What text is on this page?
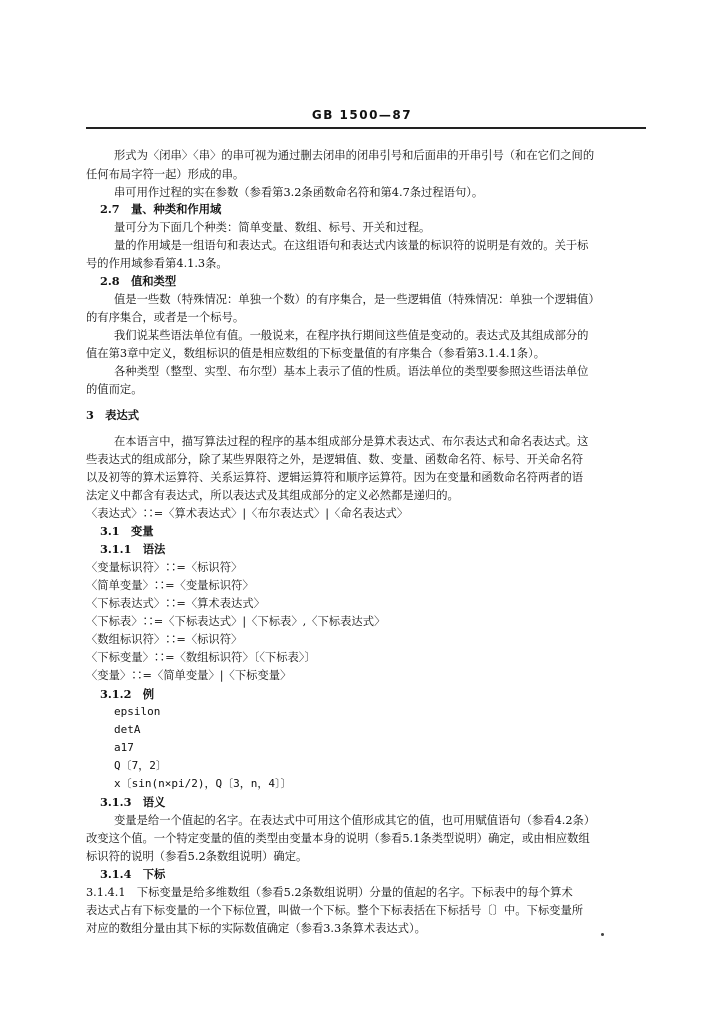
GB 1500—87
形式为〈闭串〉〈串〉的串可视为通过删去闭串的闭串引号和后面串的开串引号（和在它们之间的
任何布局字符一起）形成的串。
串可用作过程的实在参数（参看第3.2条函数命名符和第4.7条过程语句）。
2.7　量、种类和作用域
量可分为下面几个种类：简单变量、数组、标号、开关和过程。
量的作用域是一组语句和表达式。在这组语句和表达式内该量的标识符的说明是有效的。关于标
号的作用域参看第4.1.3条。
2.8　值和类型
值是一些数（特殊情况：单独一个数）的有序集合，是一些逻辑值（特殊情况：单独一个逻辑值）
的有序集合，或者是一个标号。
我们说某些语法单位有值。一般说来，在程序执行期间这些值是变动的。表达式及其组成部分的
值在第3章中定义，数组标识的值是相应数组的下标变量值的有序集合（参看第3.1.4.1条）。
各种类型（整型、实型、布尔型）基本上表示了值的性质。语法单位的类型要参照这些语法单位
的值而定。
3　表达式
在本语言中，描写算法过程的程序的基本组成部分是算术表达式、布尔表达式和命名表达式。这
些表达式的组成部分，除了某些界限符之外，是逻辑值、数、变量、函数命名符、标号、开关命名符
以及初等的算术运算符、关系运算符、逻辑运算符和顺序运算符。因为在变量和函数命名符两者的语
法定义中都含有表达式，所以表达式及其组成部分的定义必然都是递归的。
〈表达式〉∷=〈算术表达式〉|〈布尔表达式〉|〈命名表达式〉
3.1　变量
3.1.1　语法
〈变量标识符〉∷=〈标识符〉
〈简单变量〉∷=〈变量标识符〉
〈下标表达式〉∷=〈算术表达式〉
〈下标表〉∷=〈下标表达式〉|〈下标表〉,〈下标表达式〉
〈数组标识符〉∷=〈标识符〉
〈下标变量〉∷=〈数组标识符〉〔〈下标表〉〕
〈变量〉∷=〈简单变量〉|〈下标变量〉
3.1.2　例
epsilon
detA
a17
Q〔7，2〕
x〔sin(n×pi/2)，Q〔3，n，4〕〕
3.1.3　语义
变量是给一个值起的名字。在表达式中可用这个值形成其它的值，也可用赋值语句（参看4.2条）
改变这个值。一个特定变量的值的类型由变量本身的说明（参看5.1条类型说明）确定，或由相应数组
标识符的说明（参看5.2条数组说明）确定。
3.1.4　下标
3.1.4.1　下标变量是给多维数组（参看5.2条数组说明）分量的值起的名字。下标表中的每个算术
表达式占有下标变量的一个下标位置，叫做一个下标。整个下标表括在下标括号〔〕中。下标变量所
对应的数组分量由其下标的实际数值确定（参看3.3条算术表达式）。
